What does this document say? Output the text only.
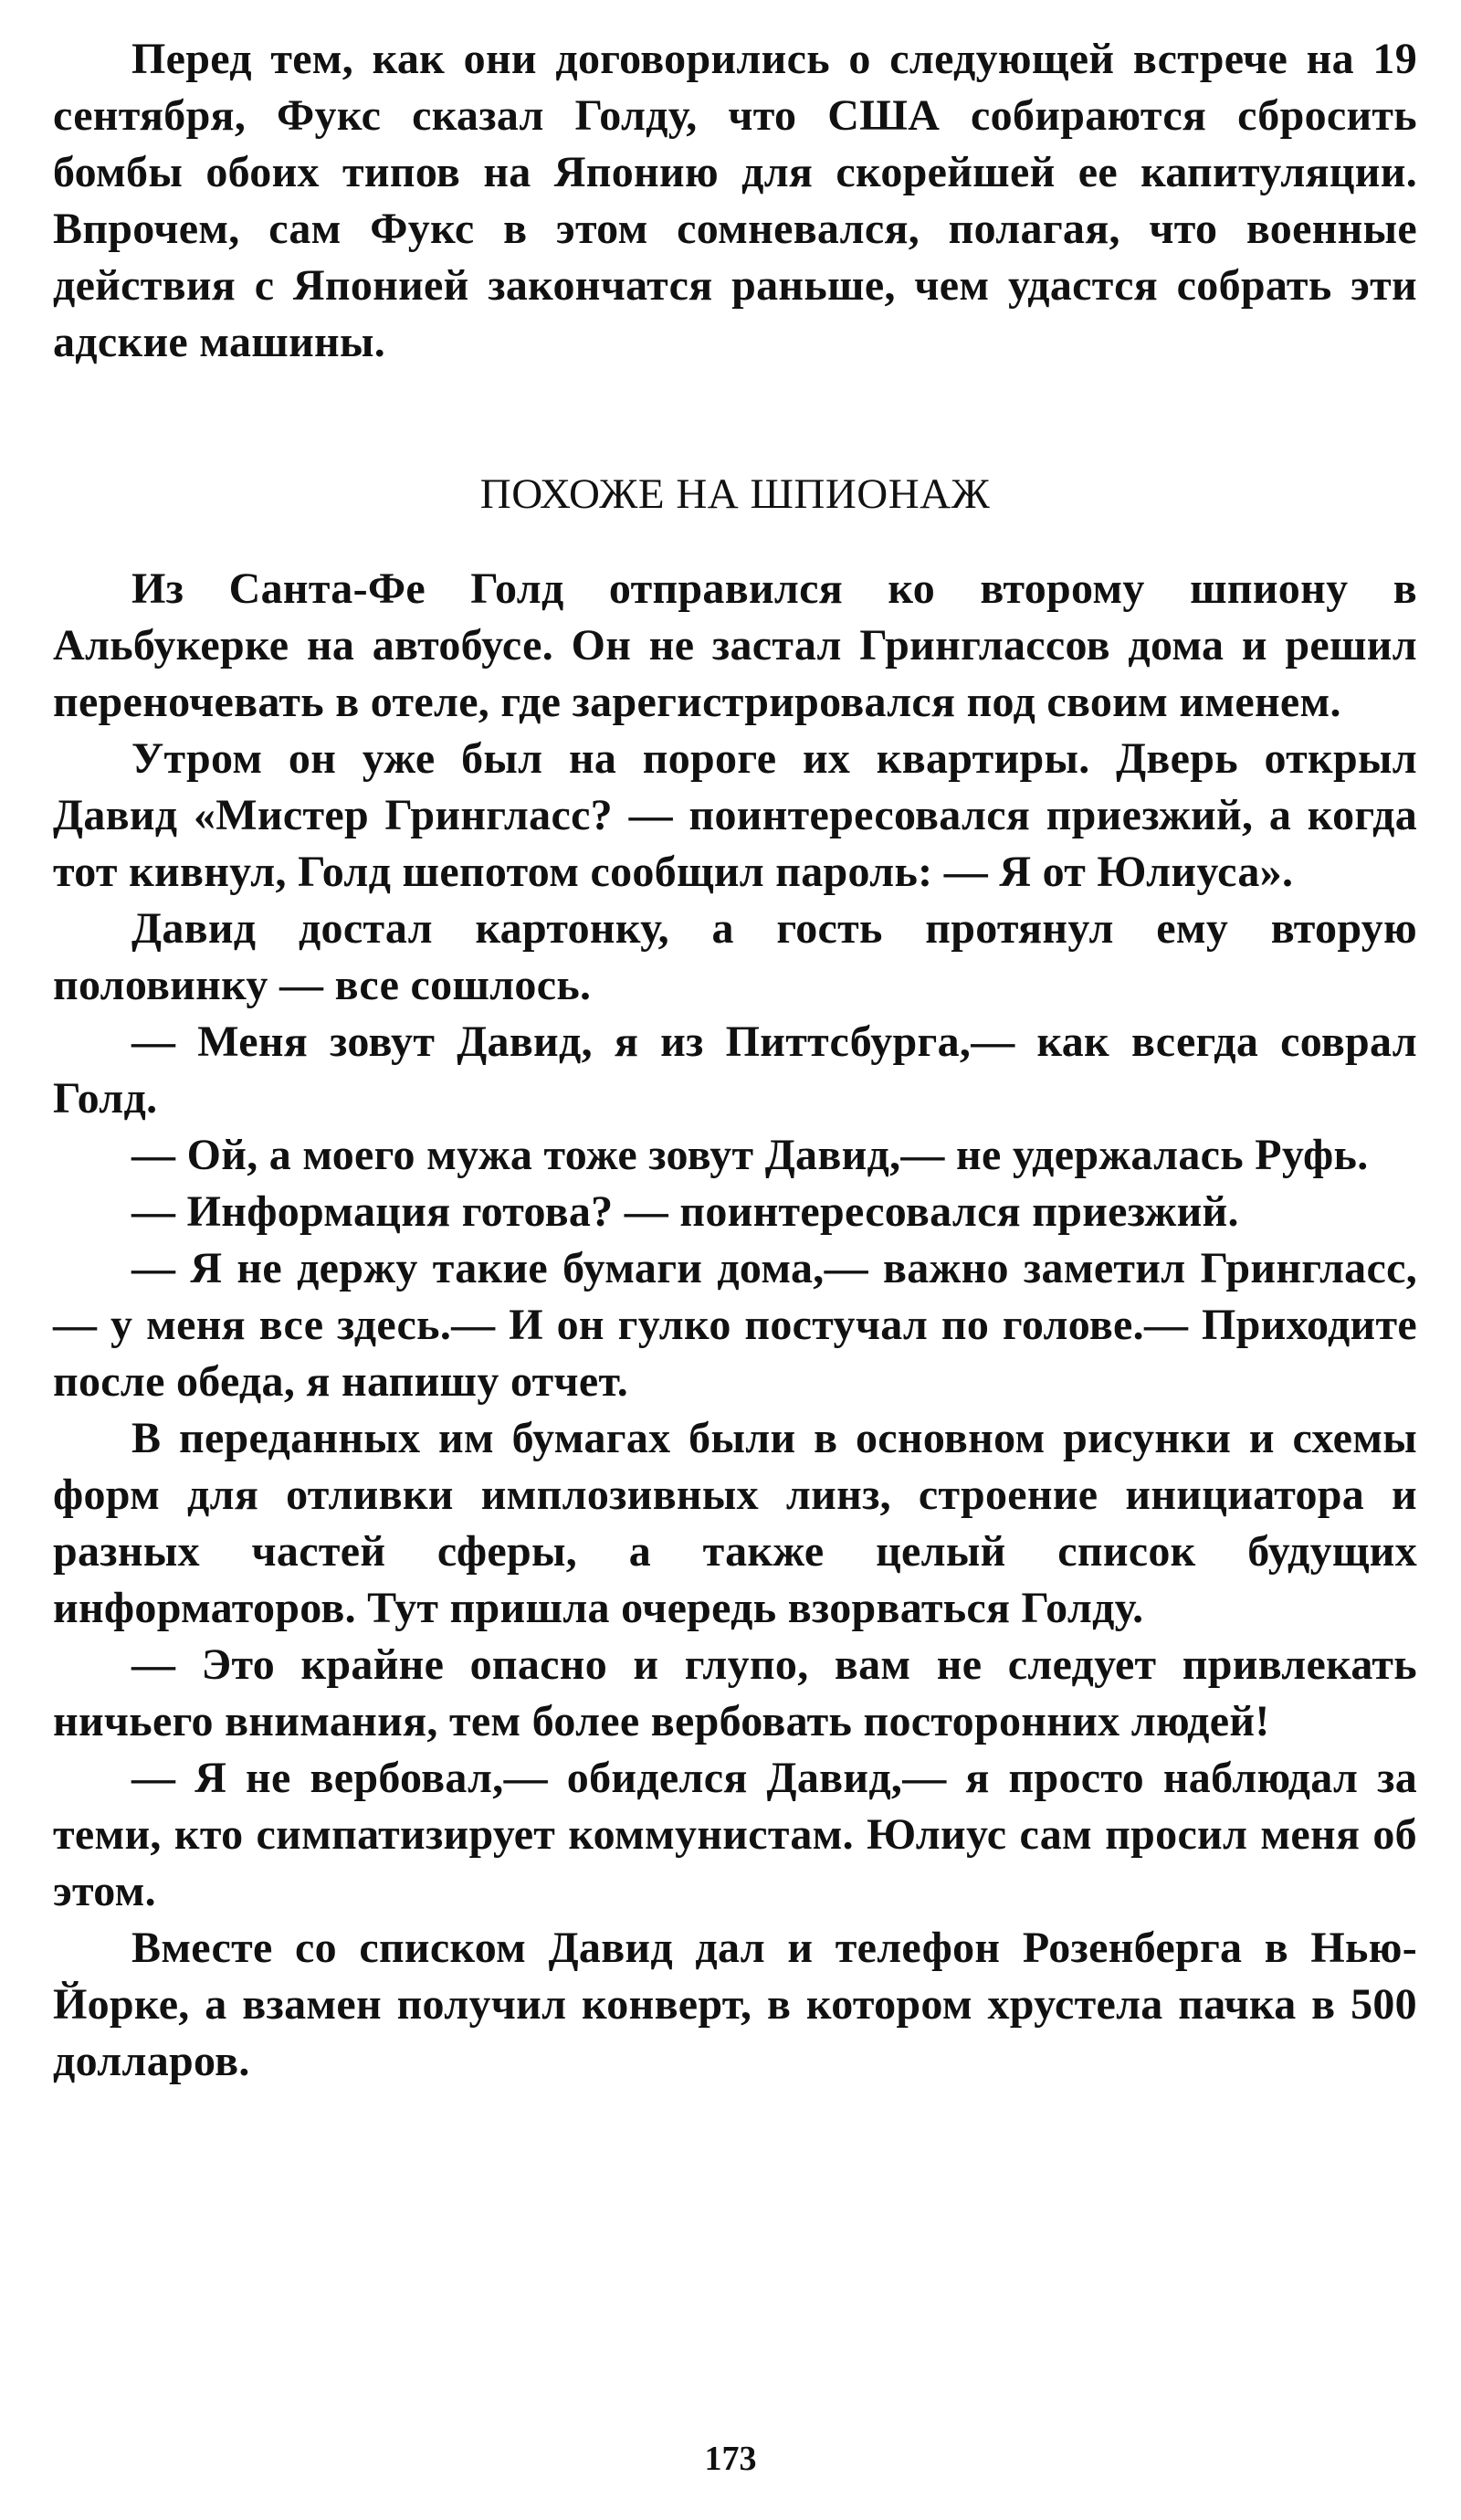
Перед тем, как они договорились о следующей встрече на 19 сентября, Фукс сказал Голду, что США собираются сбросить бомбы обоих типов на Японию для скорейшей ее капитуляции. Впрочем, сам Фукс в этом сомневался, полагая, что военные действия с Японией закончатся раньше, чем удастся собрать эти адские машины.

ПОХОЖЕ НА ШПИОНАЖ

Из Санта-Фе Голд отправился ко второму шпиону в Альбукерке на автобусе. Он не застал Гринглассов дома и решил переночевать в отеле, где зарегистрировался под своим именем.

Утром он уже был на пороге их квартиры. Дверь открыл Давид «Мистер Грингласс? — поинтересовался приезжий, а когда тот кивнул, Голд шепотом сообщил пароль: — Я от Юлиуса».

Давид достал картонку, а гость протянул ему вторую половинку — все сошлось.

— Меня зовут Давид, я из Питтсбурга,— как всегда соврал Голд.

— Ой, а моего мужа тоже зовут Давид,— не удержалась Руфь.

— Информация готова? — поинтересовался приезжий.

— Я не держу такие бумаги дома,— важно заметил Грингласс,— у меня все здесь.— И он гулко постучал по голове.— Приходите после обеда, я напишу отчет.

В переданных им бумагах были в основном рисунки и схемы форм для отливки имплозивных линз, строение инициатора и разных частей сферы, а также целый список будущих информаторов. Тут пришла очередь взорваться Голду.

— Это крайне опасно и глупо, вам не следует привлекать ничьего внимания, тем более вербовать посторонних людей!

— Я не вербовал,— обиделся Давид,— я просто наблюдал за теми, кто симпатизирует коммунистам. Юлиус сам просил меня об этом.

Вместе со списком Давид дал и телефон Розенберга в Нью-Йорке, а взамен получил конверт, в котором хрустела пачка в 500 долларов.

173
